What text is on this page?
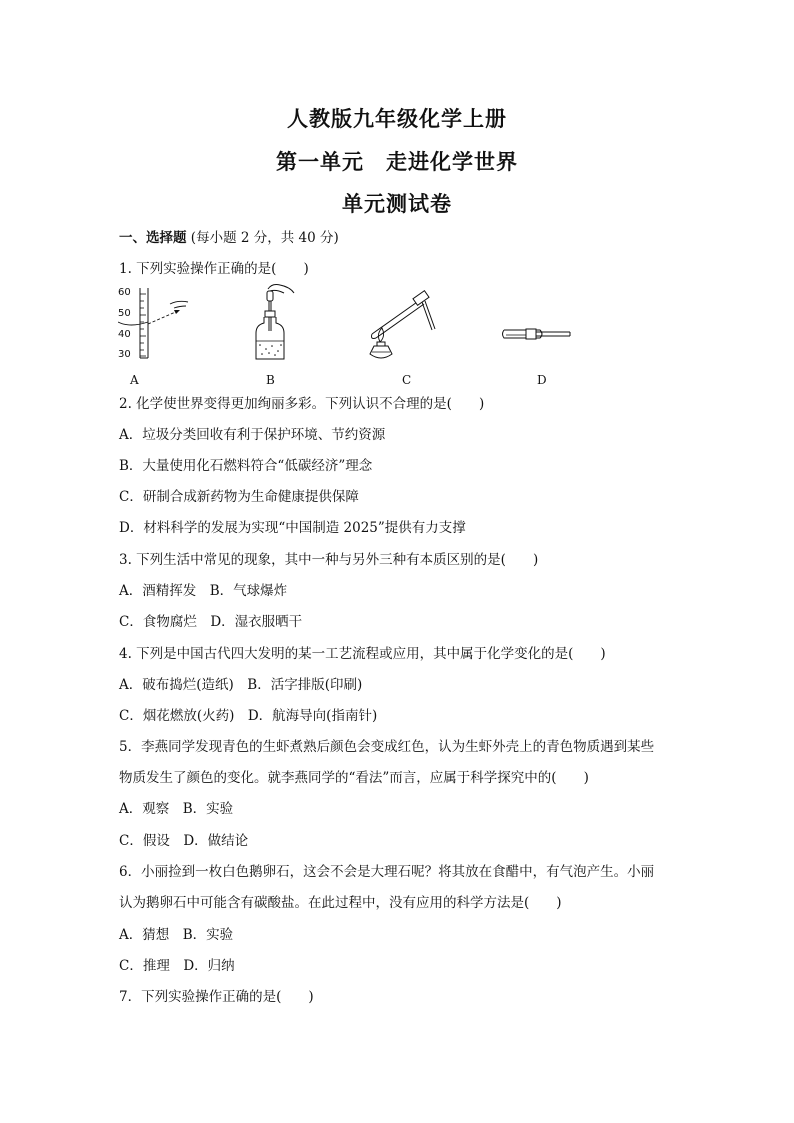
人教版九年级化学上册
第一单元　走进化学世界
单元测试卷
一、选择题 (每小题 2 分，共 40 分)
1. 下列实验操作正确的是(　　)
60
50
40
30
A	B	C	D
2. 化学使世界变得更加绚丽多彩。下列认识不合理的是(　　)
A．垃圾分类回收有利于保护环境、节约资源
B．大量使用化石燃料符合“低碳经济”理念
C．研制合成新药物为生命健康提供保障
D．材料科学的发展为实现“中国制造 2025”提供有力支撑
3. 下列生活中常见的现象，其中一种与另外三种有本质区别的是(　　)
A．酒精挥发　B．气球爆炸
C．食物腐烂　D．湿衣服晒干
4. 下列是中国古代四大发明的某一工艺流程或应用，其中属于化学变化的是(　　)
A．破布捣烂(造纸)　B．活字排版(印刷)
C．烟花燃放(火药)　D．航海导向(指南针)
5．李燕同学发现青色的生虾煮熟后颜色会变成红色，认为生虾外壳上的青色物质遇到某些
物质发生了颜色的变化。就李燕同学的“看法”而言，应属于科学探究中的(　　)
A．观察　B．实验
C．假设　D．做结论
6．小丽捡到一枚白色鹅卵石，这会不会是大理石呢？将其放在食醋中，有气泡产生。小丽
认为鹅卵石中可能含有碳酸盐。在此过程中，没有应用的科学方法是(　　)
A．猜想　B．实验
C．推理　D．归纳
7．下列实验操作正确的是(　　)
